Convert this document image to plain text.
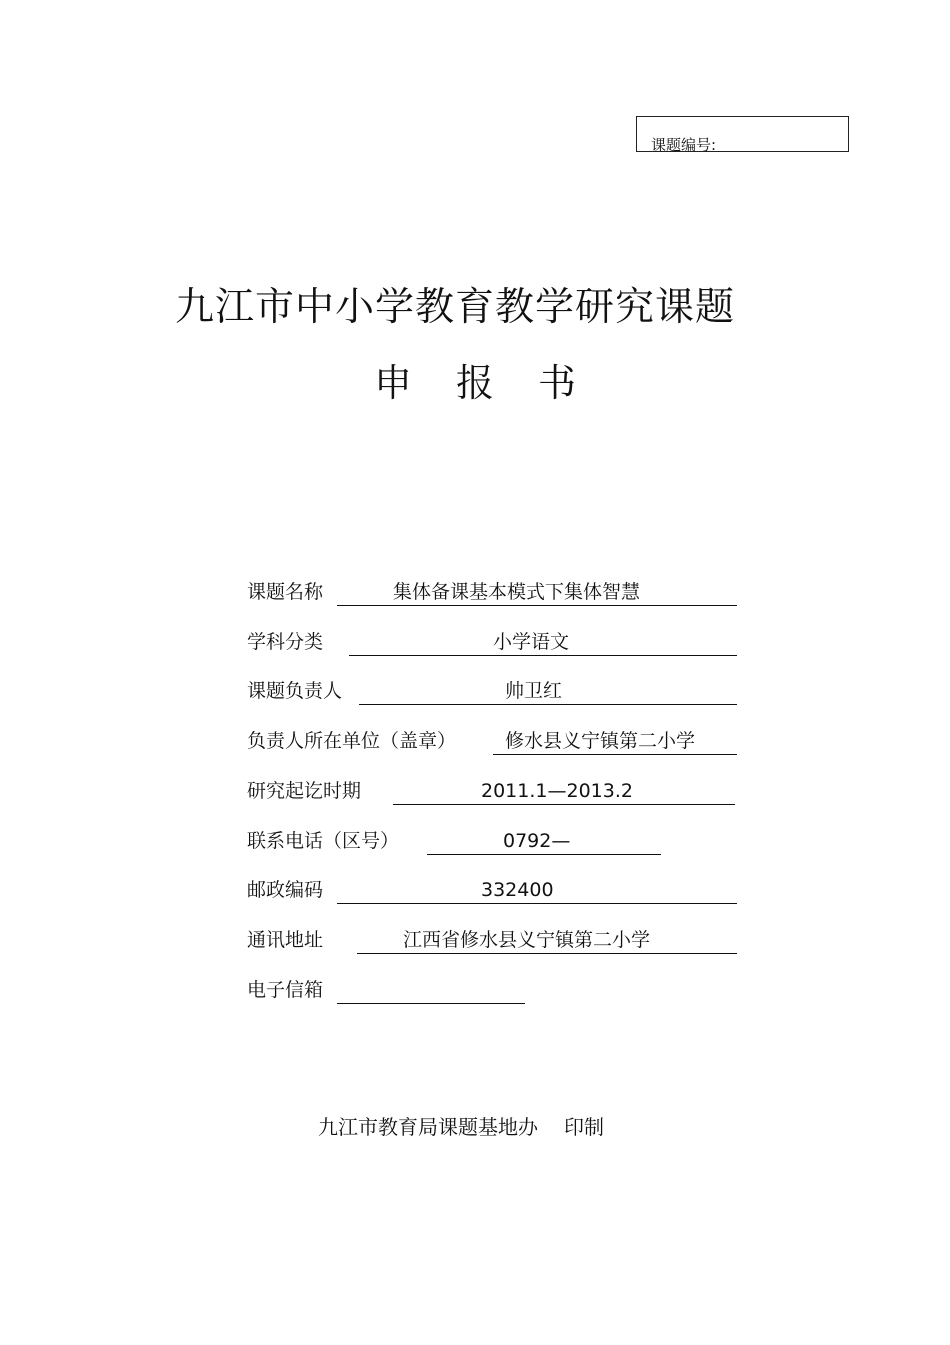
课题编号:
九江市中小学教育教学研究课题
申报书
课题名称	集体备课基本模式下集体智慧
学科分类	小学语文
课题负责人	帅卫红
负责人所在单位（盖章）	修水县义宁镇第二小学
研究起讫时期	2011.1—2013.2
联系电话（区号）	0792—
邮政编码	332400
通讯地址	江西省修水县义宁镇第二小学
电子信箱
九江市教育局课题基地办 印制
